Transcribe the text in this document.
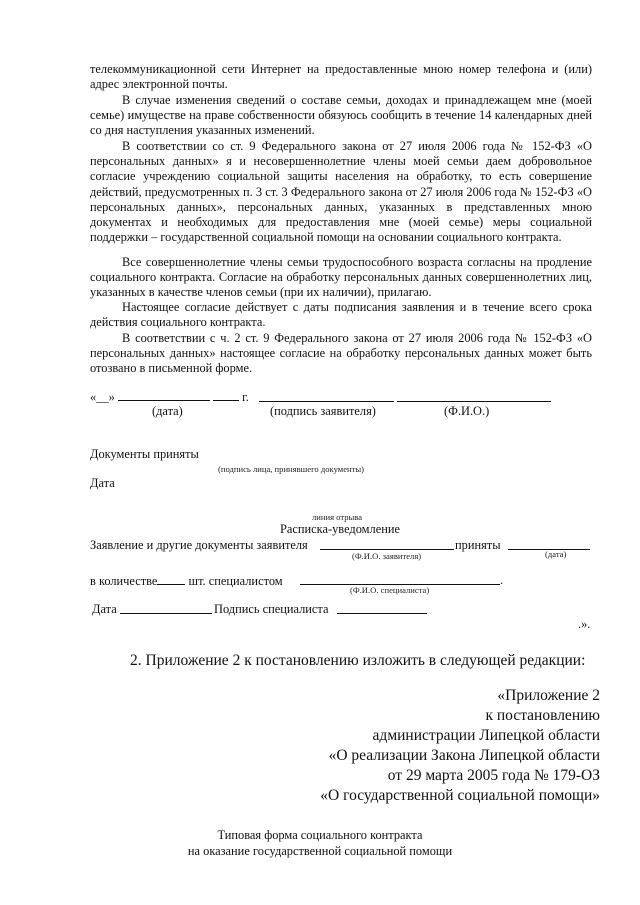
телекоммуникационной сети Интернет на предоставленные мною номер телефона и (или) адрес электронной почты.

В случае изменения сведений о составе семьи, доходах и принадлежащем мне (моей семье) имуществе на праве собственности обязуюсь сообщить в течение 14 календарных дней со дня наступления указанных изменений.

В соответствии со ст. 9 Федерального закона от 27 июля 2006 года № 152-ФЗ «О персональных данных» я и несовершеннолетние члены моей семьи даем добровольное согласие учреждению социальной защиты населения на обработку, то есть совершение действий, предусмотренных п. 3 ст. 3 Федерального закона от 27 июля 2006 года № 152-ФЗ «О персональных данных», персональных данных, указанных в представленных мною документах и необходимых для предоставления мне (моей семье) меры социальной поддержки – государственной социальной помощи на основании социального контракта.

Все совершеннолетние члены семьи трудоспособного возраста согласны на продление социального контракта. Согласие на обработку персональных данных совершеннолетних лиц, указанных в качестве членов семьи (при их наличии), прилагаю.

Настоящее согласие действует с даты подписания заявления и в течение всего срока действия социального контракта.

В соответствии с ч. 2 ст. 9 Федерального закона от 27 июля 2006 года № 152-ФЗ «О персональных данных» настоящее согласие на обработку персональных данных может быть отозвано в письменной форме.

«__»	г.
(дата)	(подпись заявителя)	(Ф.И.О.)
Документы приняты
(подпись лица, принявшего документы)
Дата
линия отрыва
Расписка-уведомление
Заявление и другие документы заявителя	приняты
(Ф.И.О. заявителя)	(дата)
в количестве	шт. специалистом	.
(Ф.И.О. специалиста)
Дата	Подпись специалиста
.».
2. Приложение 2 к постановлению изложить в следующей редакции:
«Приложение 2
к постановлению
администрации Липецкой области
«О реализации Закона Липецкой области
от 29 марта 2005 года № 179-ОЗ
«О государственной социальной помощи»
Типовая форма социального контракта
на оказание государственной социальной помощи
